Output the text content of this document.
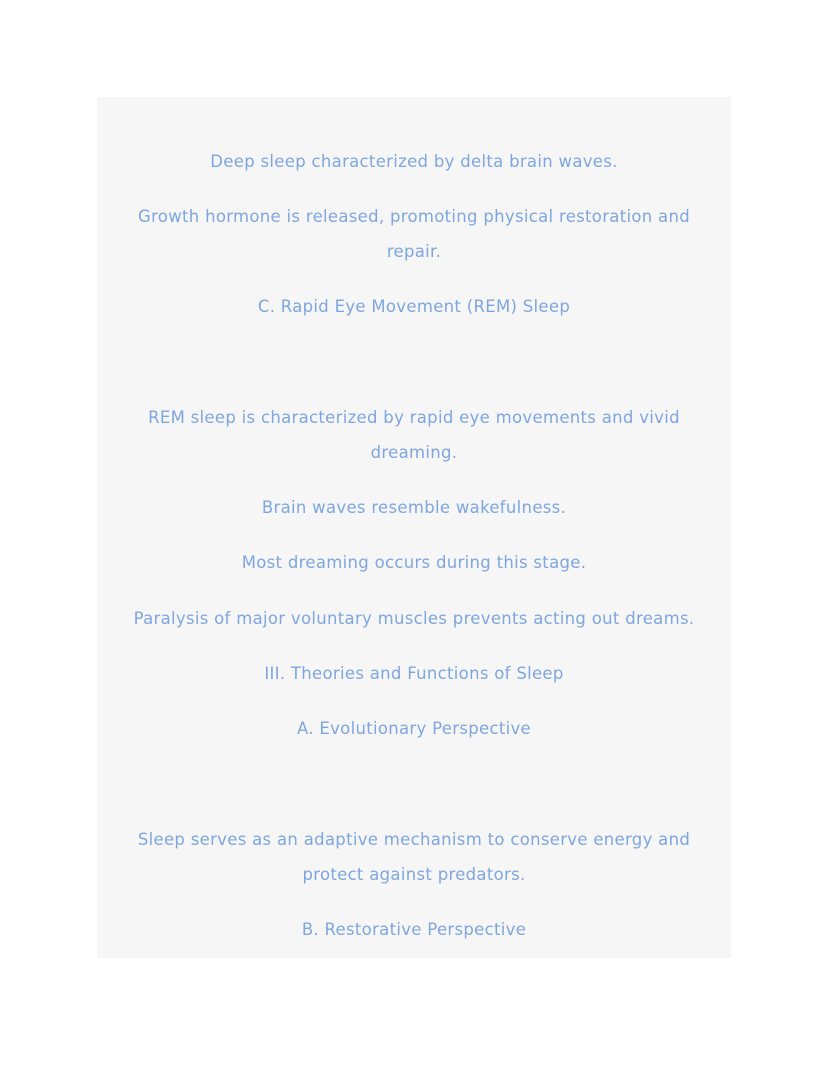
Deep sleep characterized by delta brain waves.
Growth hormone is released, promoting physical restoration and
repair.
C. Rapid Eye Movement (REM) Sleep
REM sleep is characterized by rapid eye movements and vivid
dreaming.
Brain waves resemble wakefulness.
Most dreaming occurs during this stage.
Paralysis of major voluntary muscles prevents acting out dreams.
III. Theories and Functions of Sleep
A. Evolutionary Perspective
Sleep serves as an adaptive mechanism to conserve energy and
protect against predators.
B. Restorative Perspective
